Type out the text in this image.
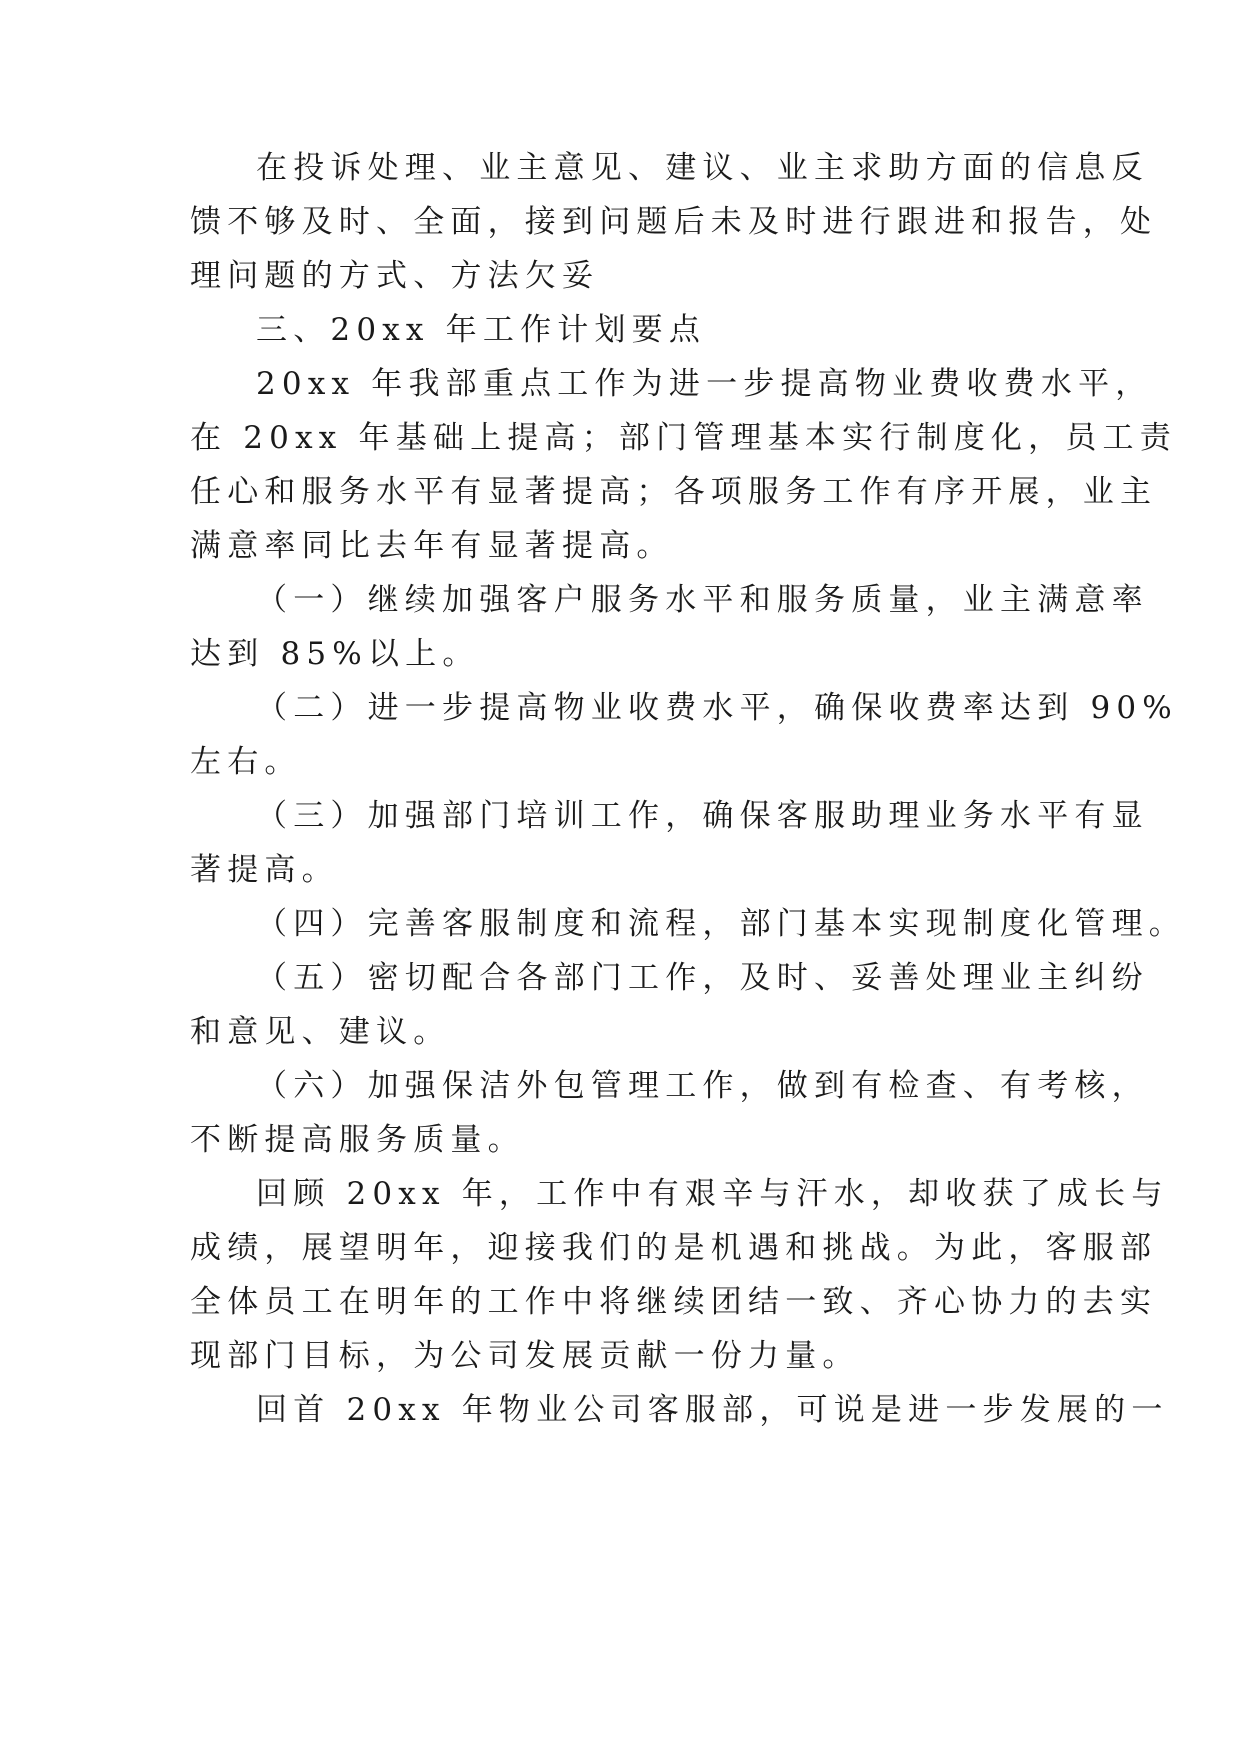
在投诉处理、业主意见、建议、业主求助方面的信息反
馈不够及时、全面，接到问题后未及时进行跟进和报告，处
理问题的方式、方法欠妥
三、20xx 年工作计划要点
20xx 年我部重点工作为进一步提高物业费收费水平，
在 20xx 年基础上提高；部门管理基本实行制度化，员工责
任心和服务水平有显著提高；各项服务工作有序开展，业主
满意率同比去年有显著提高。
（一）继续加强客户服务水平和服务质量，业主满意率
达到 85%以上。
（二）进一步提高物业收费水平，确保收费率达到 90%
左右。
（三）加强部门培训工作，确保客服助理业务水平有显
著提高。
（四）完善客服制度和流程，部门基本实现制度化管理。
（五）密切配合各部门工作，及时、妥善处理业主纠纷
和意见、建议。
（六）加强保洁外包管理工作，做到有检查、有考核，
不断提高服务质量。
回顾 20xx 年，工作中有艰辛与汗水，却收获了成长与
成绩，展望明年，迎接我们的是机遇和挑战。为此，客服部
全体员工在明年的工作中将继续团结一致、齐心协力的去实
现部门目标，为公司发展贡献一份力量。
回首 20xx 年物业公司客服部，可说是进一步发展的一
